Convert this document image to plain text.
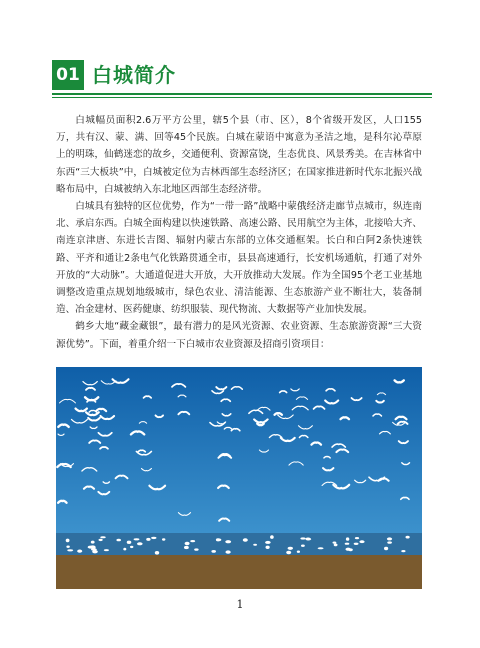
01 白城简介

白城幅员面积2.6万平方公里，辖5个县（市、区），8个省级开发区，人口155万，共有汉、蒙、满、回等45个民族。白城在蒙语中寓意为圣洁之地，是科尔沁草原上的明珠，仙鹤迷恋的故乡，交通便利、资源富饶，生态优良、风景秀美。在吉林省中东西“三大板块”中，白城被定位为吉林西部生态经济区；在国家推进新时代东北振兴战略布局中，白城被纳入东北地区西部生态经济带。

白城具有独特的区位优势，作为“一带一路”战略中蒙俄经济走廊节点城市，纵连南北、承启东西。白城全面构建以快速铁路、高速公路、民用航空为主体，北接哈大齐、南连京津唐、东进长吉图、辐射内蒙古东部的立体交通框架。长白和白阿2条快速铁路、平齐和通让2条电气化铁路贯通全市，县县高速通行，长安机场通航，打通了对外开放的“大动脉”。大通道促进大开放，大开放推动大发展。作为全国95个老工业基地调整改造重点规划地级城市，绿色农业、清洁能源、生态旅游产业不断壮大，装备制造、冶金建材、医药健康、纺织服装、现代物流、大数据等产业加快发展。

鹤乡大地“藏金藏银”，最有潜力的是风光资源、农业资源、生态旅游资源“三大资源优势”。下面，着重介绍一下白城市农业资源及招商引资项目：

1
